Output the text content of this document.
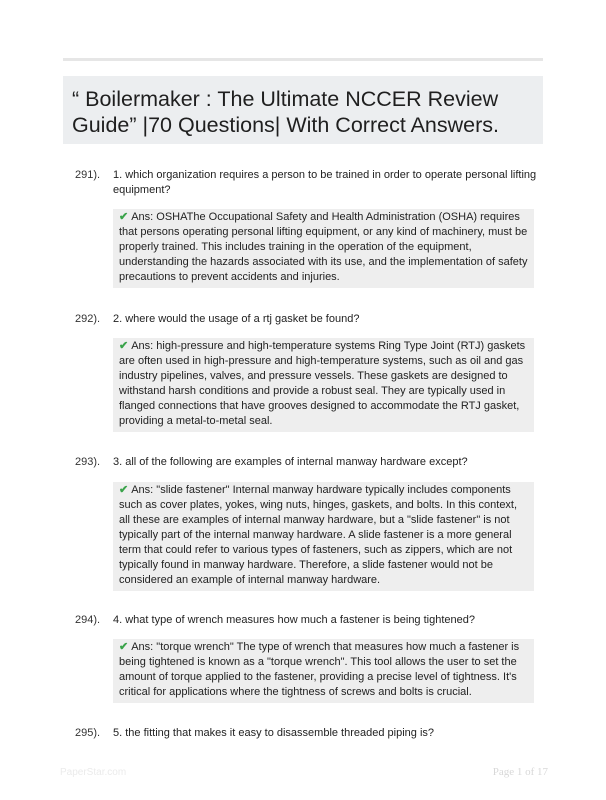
“ Boilermaker : The Ultimate NCCER Review Guide” |70 Questions| With Correct Answers.
291). 1. which organization requires a person to be trained in order to operate personal lifting equipment?
✔ Ans: OSHAThe Occupational Safety and Health Administration (OSHA) requires that persons operating personal lifting equipment, or any kind of machinery, must be properly trained. This includes training in the operation of the equipment, understanding the hazards associated with its use, and the implementation of safety precautions to prevent accidents and injuries.
292). 2. where would the usage of a rtj gasket be found?
✔ Ans: high-pressure and high-temperature systems Ring Type Joint (RTJ) gaskets are often used in high-pressure and high-temperature systems, such as oil and gas industry pipelines, valves, and pressure vessels. These gaskets are designed to withstand harsh conditions and provide a robust seal. They are typically used in flanged connections that have grooves designed to accommodate the RTJ gasket, providing a metal-to-metal seal.
293). 3. all of the following are examples of internal manway hardware except?
✔ Ans: "slide fastener" Internal manway hardware typically includes components such as cover plates, yokes, wing nuts, hinges, gaskets, and bolts. In this context, all these are examples of internal manway hardware, but a "slide fastener" is not typically part of the internal manway hardware. A slide fastener is a more general term that could refer to various types of fasteners, such as zippers, which are not typically found in manway hardware. Therefore, a slide fastener would not be considered an example of internal manway hardware.
294). 4. what type of wrench measures how much a fastener is being tightened?
✔ Ans: "torque wrench" The type of wrench that measures how much a fastener is being tightened is known as a "torque wrench". This tool allows the user to set the amount of torque applied to the fastener, providing a precise level of tightness. It's critical for applications where the tightness of screws and bolts is crucial.
295). 5. the fitting that makes it easy to disassemble threaded piping is?
PaperStar.com	Page 1 of 17
